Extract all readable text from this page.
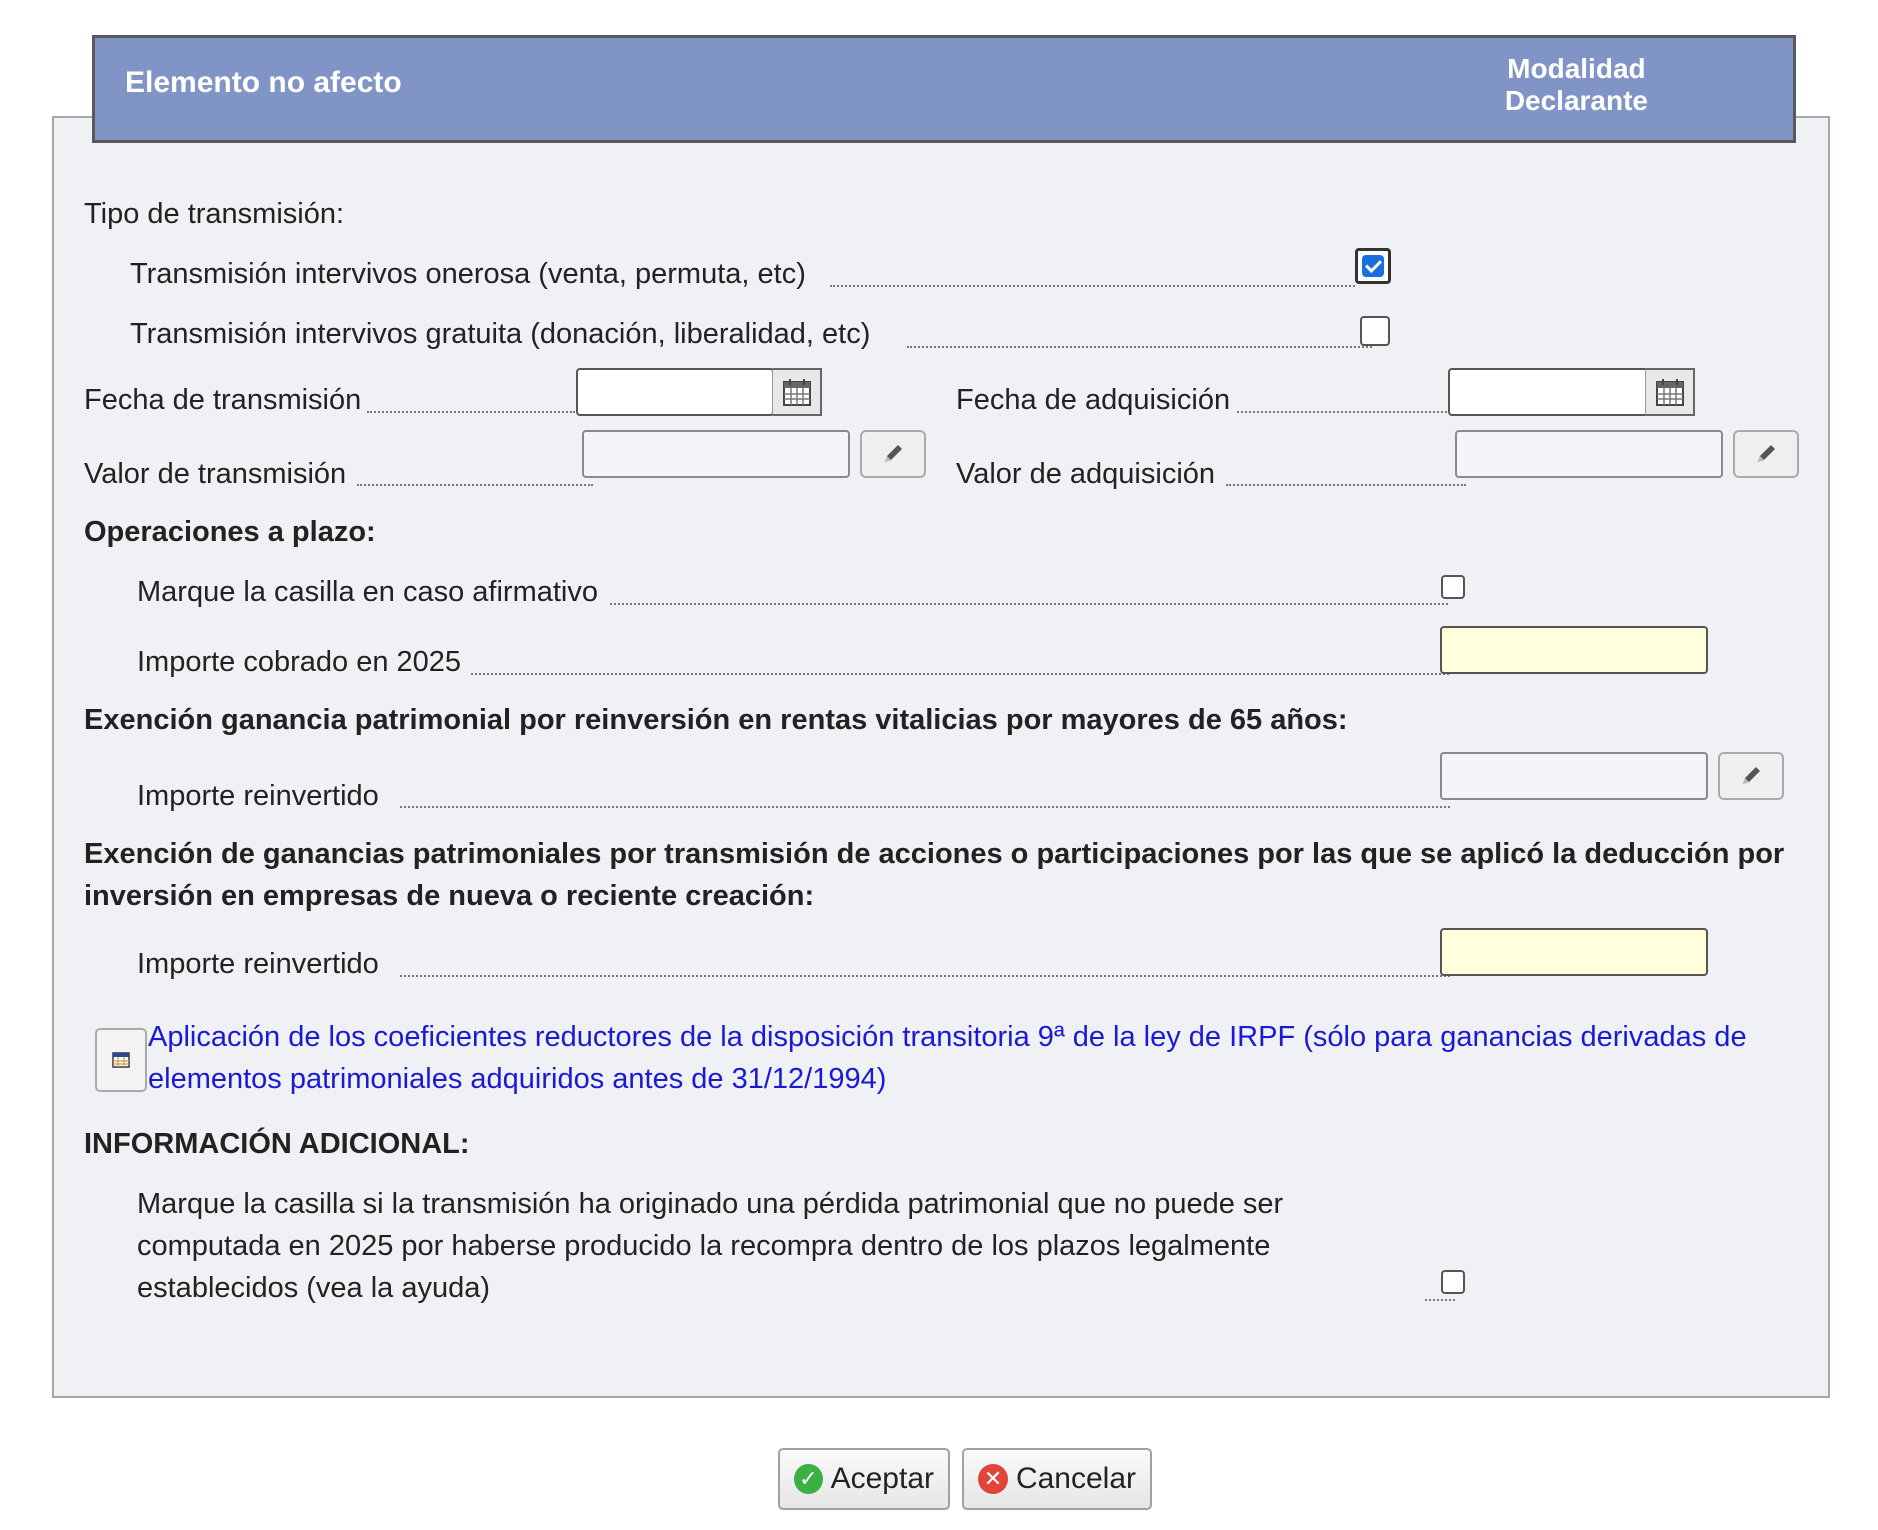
Elemento no afecto	Modalidad
Declarante
Tipo de transmisión:
Transmisión intervivos onerosa (venta, permuta, etc)
Transmisión intervivos gratuita (donación, liberalidad, etc)
Fecha de transmisión	Fecha de adquisición
Valor de transmisión	Valor de adquisición
Operaciones a plazo:
Marque la casilla en caso afirmativo
Importe cobrado en 2025
Exención ganancia patrimonial por reinversión en rentas vitalicias por mayores de 65 años:
Importe reinvertido
Exención de ganancias patrimoniales por transmisión de acciones o participaciones por las que se aplicó la deducción por
inversión en empresas de nueva o reciente creación:
Importe reinvertido
Aplicación de los coeficientes reductores de la disposición transitoria 9ª de la ley de IRPF (sólo para ganancias derivadas de
elementos patrimoniales adquiridos antes de 31/12/1994)
INFORMACIÓN ADICIONAL:
Marque la casilla si la transmisión ha originado una pérdida patrimonial que no puede ser
computada en 2025 por haberse producido la recompra dentro de los plazos legalmente
establecidos (vea la ayuda)
✓ Aceptar ✕ Cancelar
